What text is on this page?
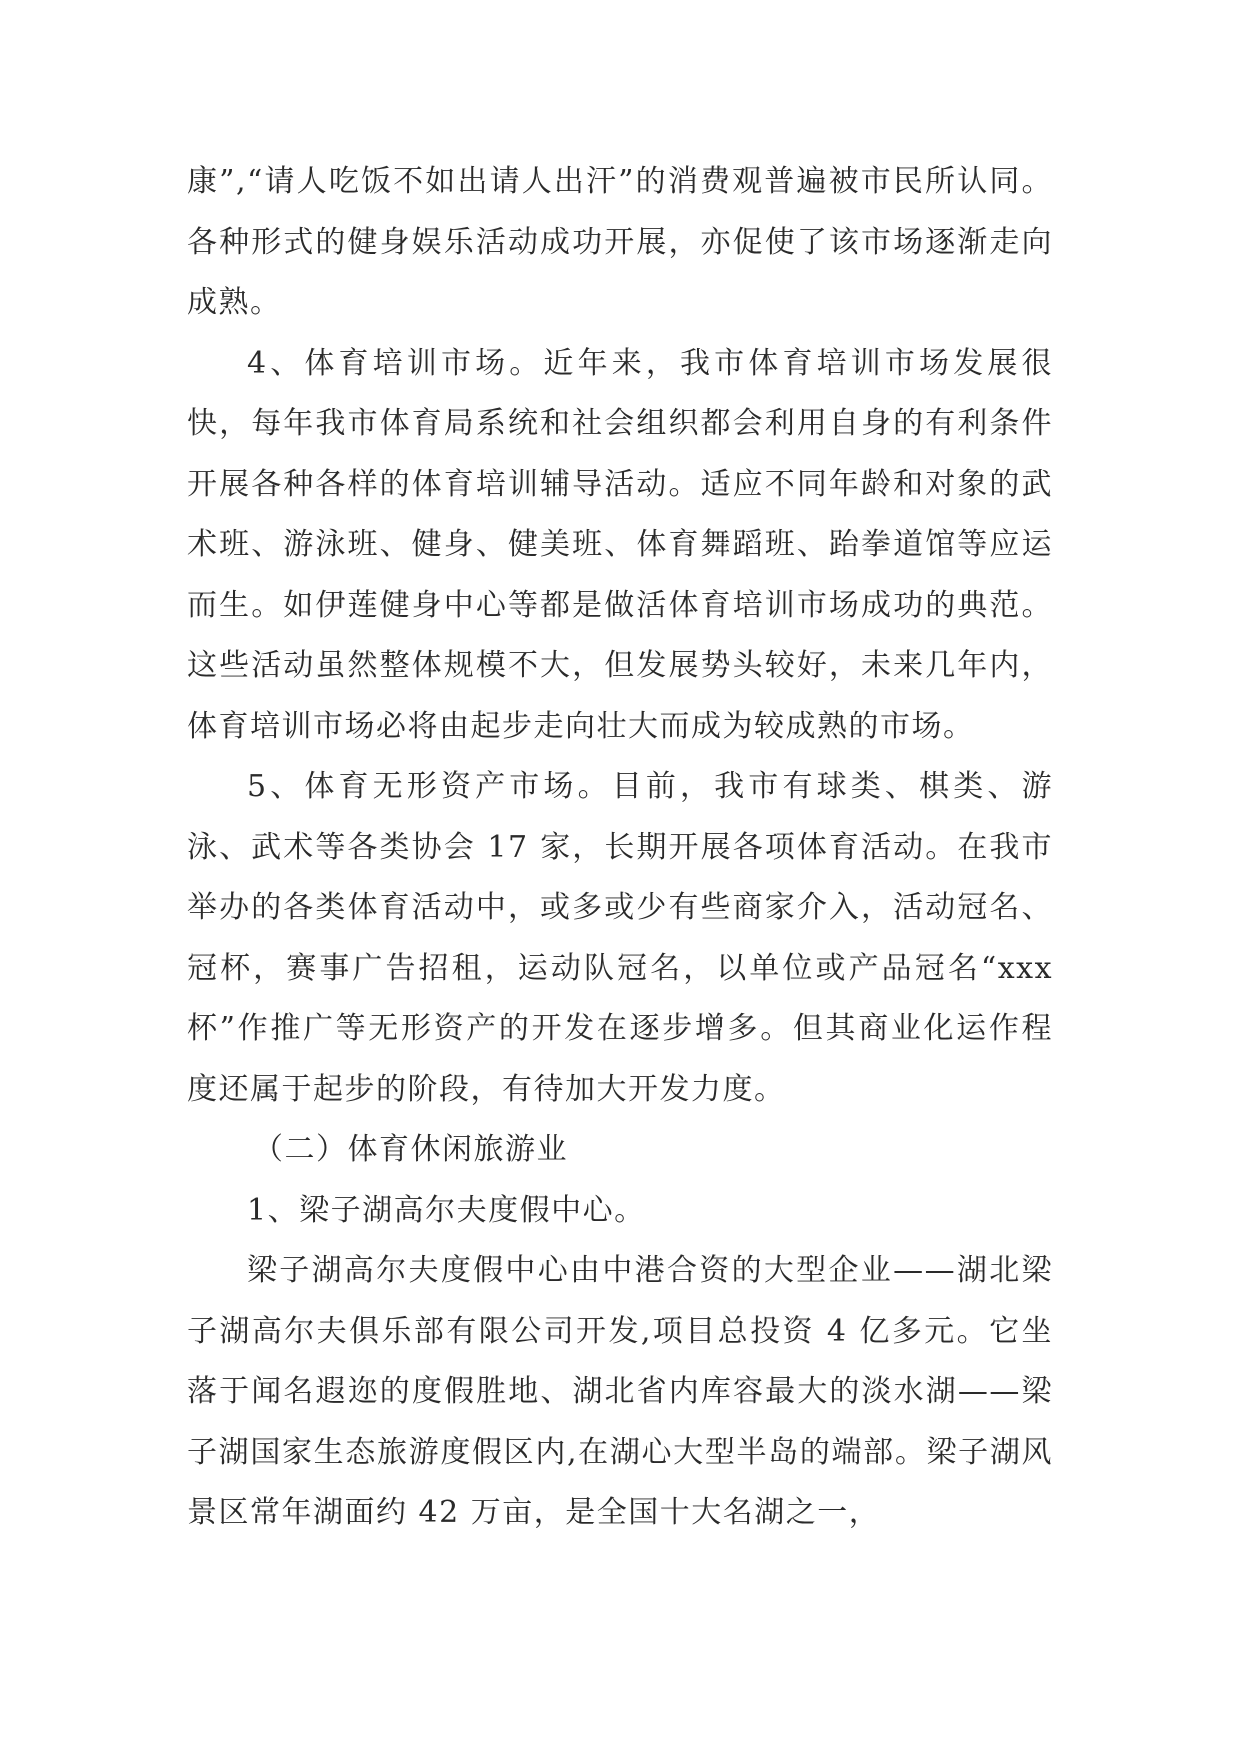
康”,“请人吃饭不如出请人出汗”的消费观普遍被市民所认同。各种形式的健身娱乐活动成功开展，亦促使了该市场逐渐走向成熟。

4、体育培训市场。近年来，我市体育培训市场发展很快，每年我市体育局系统和社会组织都会利用自身的有利条件开展各种各样的体育培训辅导活动。适应不同年龄和对象的武术班、游泳班、健身、健美班、体育舞蹈班、跆拳道馆等应运而生。如伊莲健身中心等都是做活体育培训市场成功的典范。这些活动虽然整体规模不大，但发展势头较好，未来几年内，体育培训市场必将由起步走向壮大而成为较成熟的市场。

5、体育无形资产市场。目前，我市有球类、棋类、游泳、武术等各类协会 17 家，长期开展各项体育活动。在我市举办的各类体育活动中，或多或少有些商家介入，活动冠名、冠杯，赛事广告招租，运动队冠名，以单位或产品冠名“xxx 杯”作推广等无形资产的开发在逐步增多。但其商业化运作程度还属于起步的阶段，有待加大开发力度。

（二）体育休闲旅游业

1、梁子湖高尔夫度假中心。

梁子湖高尔夫度假中心由中港合资的大型企业——湖北梁子湖高尔夫俱乐部有限公司开发,项目总投资 4 亿多元。它坐落于闻名遐迩的度假胜地、湖北省内库容最大的淡水湖——梁子湖国家生态旅游度假区内,在湖心大型半岛的端部。梁子湖风景区常年湖面约 42 万亩，是全国十大名湖之一，
